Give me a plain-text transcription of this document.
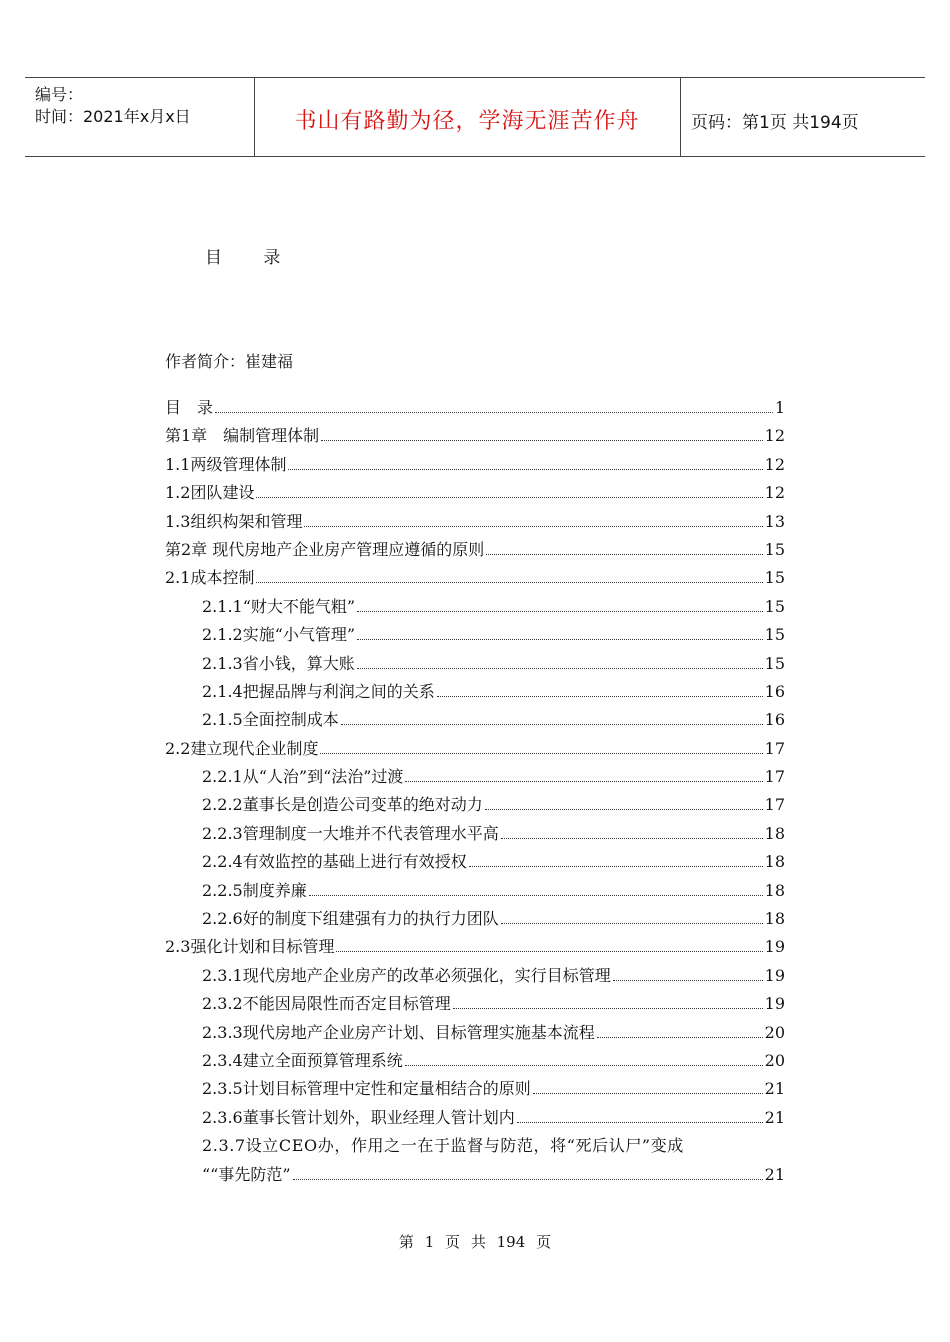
编号：
时间：2021年x月x日	书山有路勤为径，学海无涯苦作舟	页码：第1页 共194页
目 录
作者简介：崔建福
目　录	1
第1章　编制管理体制	12
1.1两级管理体制	12
1.2团队建设	12
1.3组织构架和管理	13
第2章 现代房地产企业房产管理应遵循的原则	15
2.1成本控制	15
2.1.1“财大不能气粗”	15
2.1.2实施“小气管理”	15
2.1.3省小钱，算大账	15
2.1.4把握品牌与利润之间的关系	16
2.1.5全面控制成本	16
2.2建立现代企业制度	17
2.2.1从“人治”到“法治”过渡	17
2.2.2董事长是创造公司变革的绝对动力	17
2.2.3管理制度一大堆并不代表管理水平高	18
2.2.4有效监控的基础上进行有效授权	18
2.2.5制度养廉	18
2.2.6好的制度下组建强有力的执行力团队	18
2.3强化计划和目标管理	19
2.3.1现代房地产企业房产的改革必须强化，实行目标管理	19
2.3.2不能因局限性而否定目标管理	19
2.3.3现代房地产企业房产计划、目标管理实施基本流程	20
2.3.4建立全面预算管理系统	20
2.3.5计划目标管理中定性和定量相结合的原则	21
2.3.6董事长管计划外，职业经理人管计划内	21
2.3.7设立CEO办，作用之一在于监督与防范，将“死后认尸”变成
““事先防范”	21
第 1 页 共 194 页
